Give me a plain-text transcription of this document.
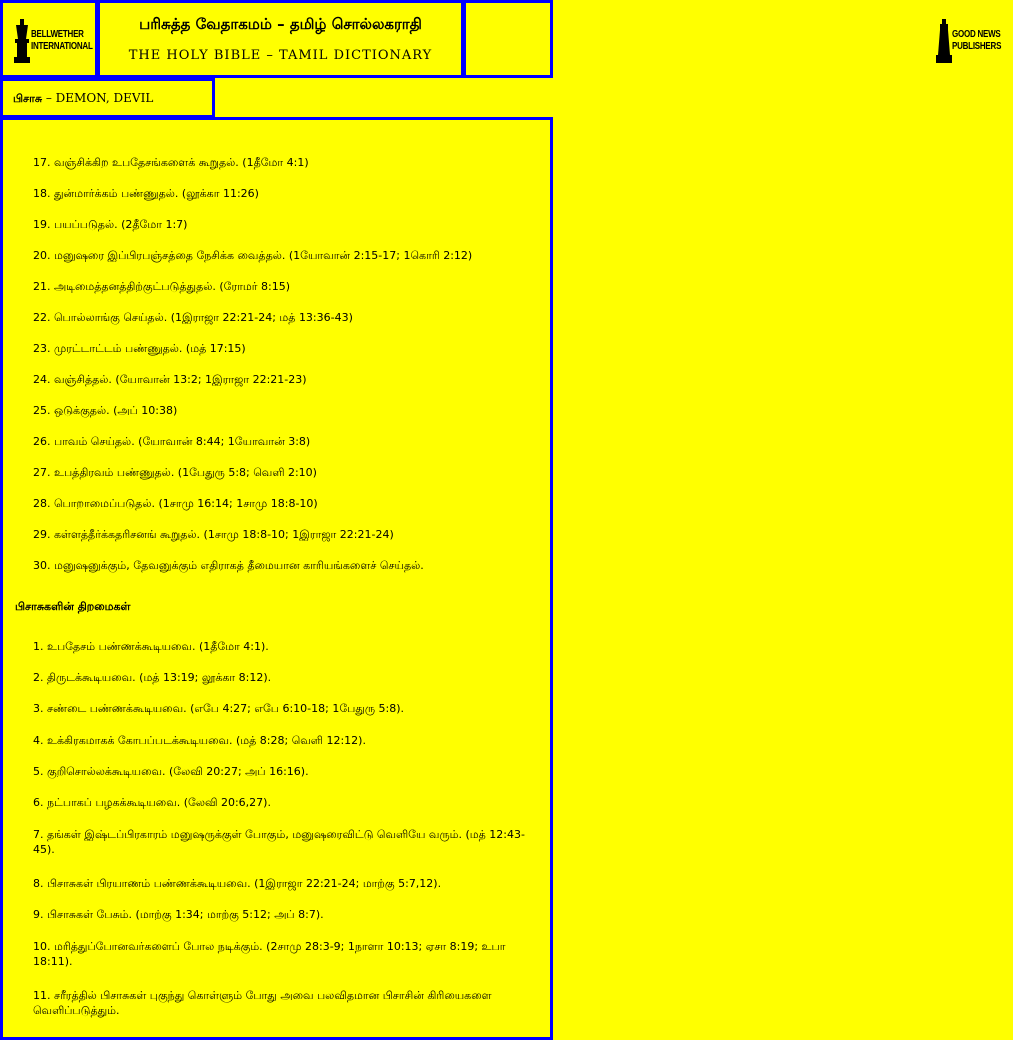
BELLWETHER
INTERNATIONAL
பரிசுத்த வேதாகமம் – தமிழ் சொல்லகராதி
THE HOLY BIBLE – TAMIL DICTIONARY
GOOD NEWS
PUBLISHERS
பிசாசு – DEMON, DEVIL
17. வஞ்சிக்கிற உபதேசங்களைக் கூறுதல். (1தீமோ 4:1)
18. துன்மார்க்கம் பண்ணுதல். (லூக்கா 11:26)
19. பயப்படுதல். (2தீமோ 1:7)
20. மனுஷரை இப்பிரபஞ்சத்தை நேசிக்க வைத்தல். (1யோவான் 2:15-17; 1கொரி 2:12)
21. அடிமைத்தனத்திற்குட்படுத்துதல். (ரோமர் 8:15)
22. பொல்லாங்கு செய்தல். (1இராஜா 22:21-24; மத் 13:36-43)
23. முரட்டாட்டம் பண்ணுதல். (மத் 17:15)
24. வஞ்சித்தல். (யோவான் 13:2; 1இராஜா 22:21-23)
25. ஒடுக்குதல். (அப் 10:38)
26. பாவம் செய்தல். (யோவான் 8:44; 1யோவான் 3:8)
27. உபத்திரவம் பண்ணுதல். (1பேதுரு 5:8; வெளி 2:10)
28. பொறாமைப்படுதல். (1சாமு 16:14; 1சாமு 18:8-10)
29. கள்ளத்தீர்க்கதரிசனங் கூறுதல். (1சாமு 18:8-10; 1இராஜா 22:21-24)
30. மனுஷனுக்கும், தேவனுக்கும் எதிராகத் தீமையான காரியங்களைச் செய்தல்.
பிசாசுகளின் திறமைகள்
1. உபதேசம் பண்ணக்கூடியவை. (1தீமோ 4:1).
2. திருடக்கூடியவை. (மத் 13:19; லூக்கா 8:12).
3. சண்டை பண்ணக்கூடியவை. (எபே 4:27; எபே 6:10-18; 1பேதுரு 5:8).
4. உக்கிரகமாகக் கோபப்படக்கூடியவை. (மத் 8:28; வெளி 12:12).
5. குறிசொல்லக்கூடியவை. (லேவி 20:27; அப் 16:16).
6. நட்பாகப் பழகக்கூடியவை. (லேவி 20:6,27).
7. தங்கள் இஷ்டப்பிரகாரம் மனுஷருக்குள் போகும், மனுஷரைவிட்டு வெளியே வரும். (மத் 12:43-45).
8. பிசாசுகள் பிரயாணம் பண்ணக்கூடியவை. (1இராஜா 22:21-24; மாற்கு 5:7,12).
9. பிசாசுகள் பேசும். (மாற்கு 1:34; மாற்கு 5:12; அப் 8:7).
10. மரித்துப்போனவர்களைப் போல நடிக்கும். (2சாமு 28:3-9; 1நாளா 10:13; ஏசா 8:19; உபா 18:11).
11. சரீரத்தில் பிசாசுகள் புகுந்து கொள்ளும் போது அவை பலவிதமான பிசாசின் கிரியைகளை வெளிப்படுத்தும்.
